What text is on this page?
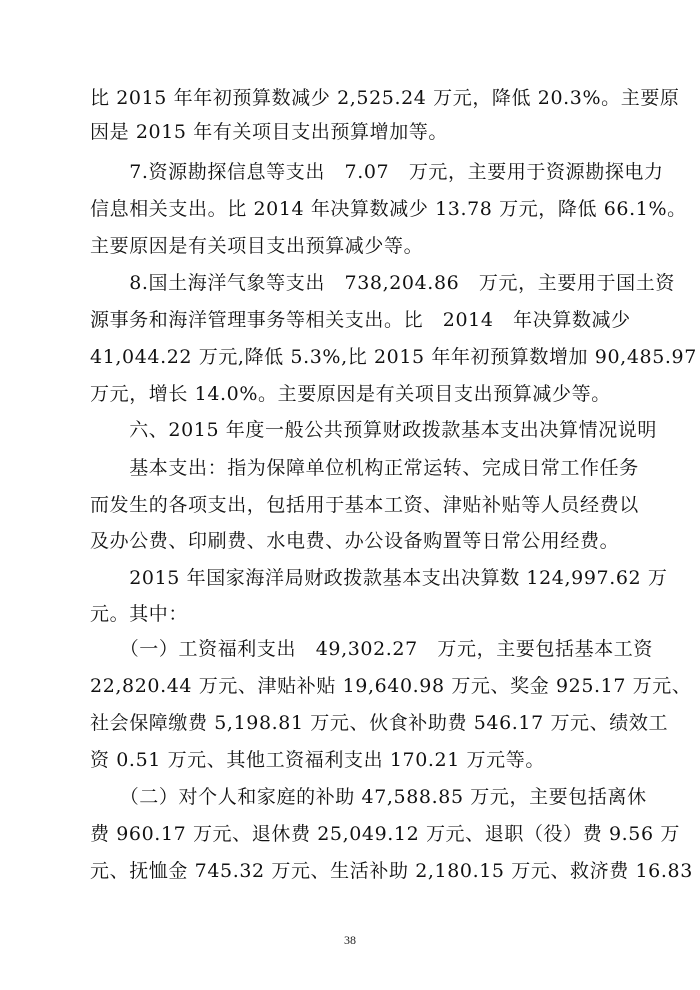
比 2015 年年初预算数减少 2,525.24 万元，降低 20.3%。主要原
因是 2015 年有关项目支出预算增加等。
　　7.资源勘探信息等支出　7.07　万元，主要用于资源勘探电力
信息相关支出。比 2014 年决算数减少 13.78 万元，降低 66.1%。
主要原因是有关项目支出预算减少等。
　　8.国土海洋气象等支出　738,204.86　万元，主要用于国土资
源事务和海洋管理事务等相关支出。比　2014　年决算数减少
41,044.22 万元,降低 5.3%,比 2015 年年初预算数增加 90,485.97
万元，增长 14.0%。主要原因是有关项目支出预算减少等。
　　六、2015 年度一般公共预算财政拨款基本支出决算情况说明
　　基本支出：指为保障单位机构正常运转、完成日常工作任务
而发生的各项支出，包括用于基本工资、津贴补贴等人员经费以
及办公费、印刷费、水电费、办公设备购置等日常公用经费。
　　2015 年国家海洋局财政拨款基本支出决算数 124,997.62 万
元。其中：
　　（一）工资福利支出　49,302.27　万元，主要包括基本工资
22,820.44 万元、津贴补贴 19,640.98 万元、奖金 925.17 万元、
社会保障缴费 5,198.81 万元、伙食补助费 546.17 万元、绩效工
资 0.51 万元、其他工资福利支出 170.21 万元等。
　　（二）对个人和家庭的补助 47,588.85 万元，主要包括离休
费 960.17 万元、退休费 25,049.12 万元、退职（役）费 9.56 万
元、抚恤金 745.32 万元、生活补助 2,180.15 万元、救济费 16.83
38
